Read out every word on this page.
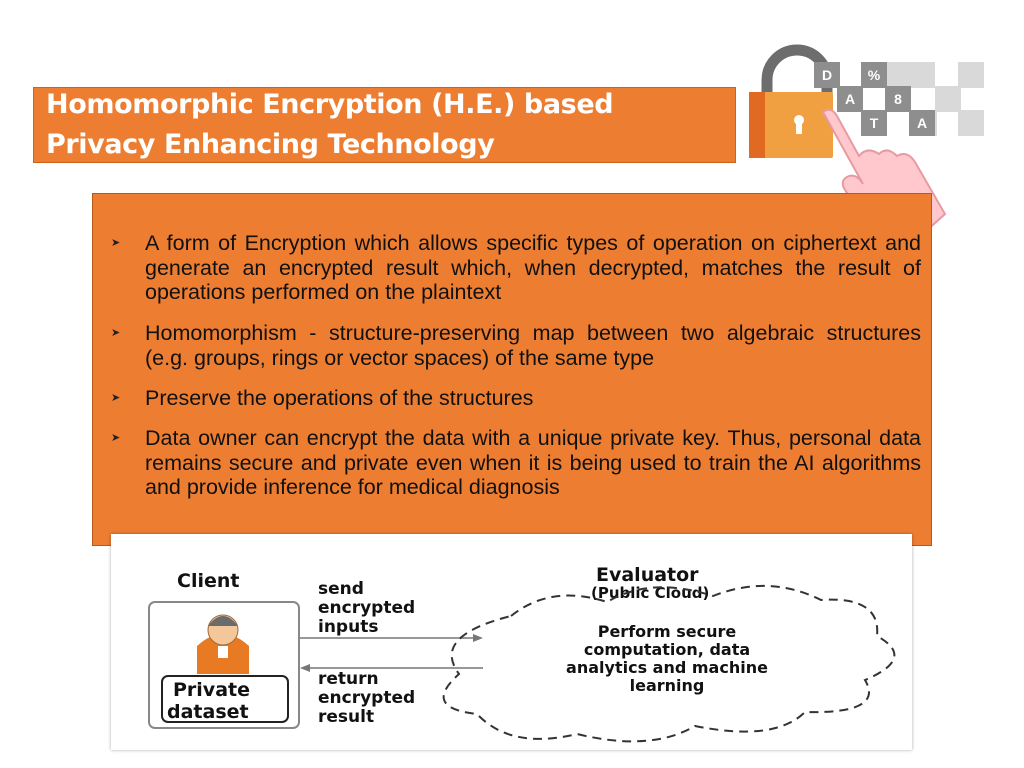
Homomorphic Encryption (H.E.) based
Privacy Enhancing Technology
D	%
A	8
T	A
➤ A form of Encryption which allows specific types of operation on ciphertext and generate an encrypted result which, when decrypted, matches the result of operations performed on the plaintext
➤ Homomorphism - structure-preserving map between two algebraic structures (e.g. groups, rings or vector spaces) of the same type
➤ Preserve the operations of the structures
➤ Data owner can encrypt the data with a unique private key. Thus, personal data remains secure and private even when it is being used to train the AI algorithms and provide inference for medical diagnosis
Client
Private
dataset
send
encrypted
inputs
return
encrypted
result
Evaluator
(Public Cloud)
Perform secure
computation, data
analytics and machine
learning
